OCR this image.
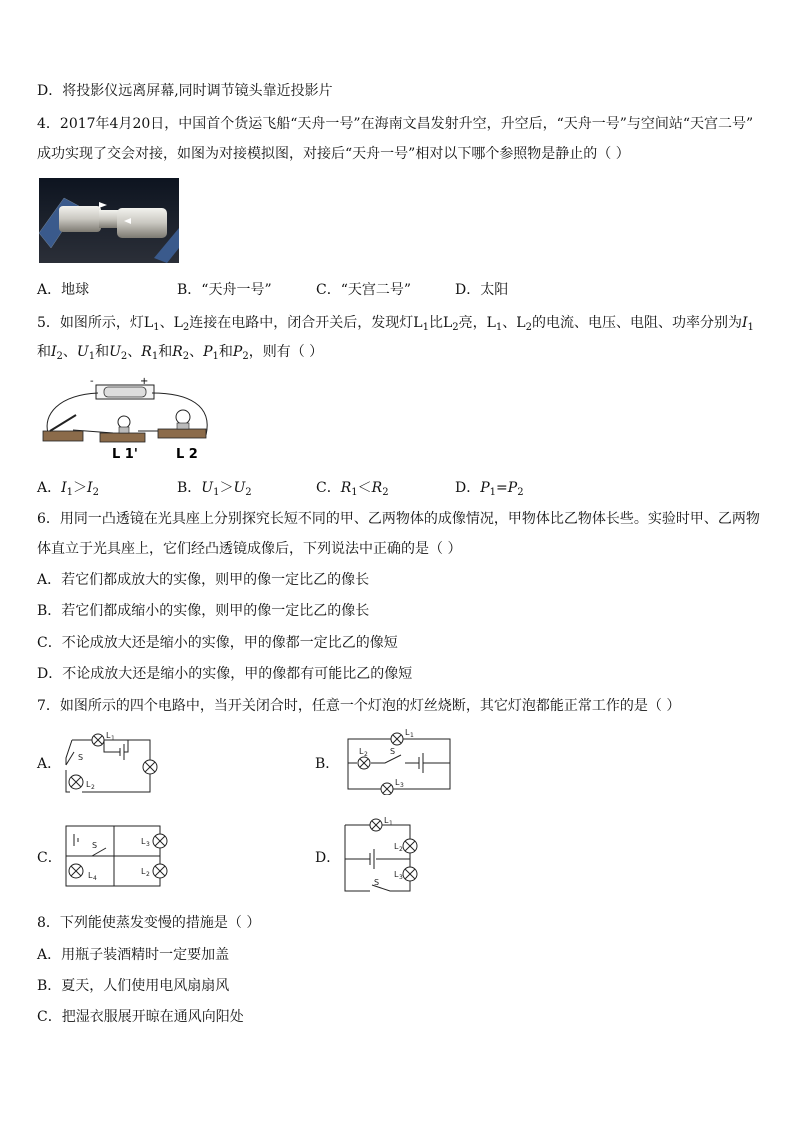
D．将投影仪远离屏幕,同时调节镜头靠近投影片
4．2017年4月20日，中国首个货运飞船“天舟一号”在海南文昌发射升空，升空后，“天舟一号”与空间站“天宫二号”
成功实现了交会对接，如图为对接模拟图，对接后“天舟一号”相对以下哪个参照物是静止的（ ）
A．地球	B．“天舟一号”	C．“天宫二号”	D．太阳
5．如图所示，灯$L_1$、$L_2$连接在电路中，闭合开关后，发现灯$L_1$比$L_2$亮，$L_1$、$L_2$的电流、电压、电阻、功率分别为$I_1$
和$I_2$、$U_1$和$U_2$、$R_1$和$R_2$、$P_1$和$P_2$，则有（ ）
-	+
L 1'	L 2
A．$I_1>I_2$	B．$U_1>U_2$	C．$R_1<R_2$	D．$P_1=P_2$
6．用同一凸透镜在光具座上分别探究长短不同的甲、乙两物体的成像情况，甲物体比乙物体长些。实验时甲、乙两物
体直立于光具座上，它们经凸透镜成像后，下列说法中正确的是（ ）
A．若它们都成放大的实像，则甲的像一定比乙的像长
B．若它们都成缩小的实像，则甲的像一定比乙的像长
C．不论成放大还是缩小的实像，甲的像都一定比乙的像短
D．不论成放大还是缩小的实像，甲的像都有可能比乙的像短
7．如图所示的四个电路中，当开关闭合时，任意一个灯泡的灯丝烧断，其它灯泡都能正常工作的是（ ）
A．
L 1
S
L 2
B．
L 1
L 2	S
L 3
C．
S	L 3
L 2
L 4
D．
L 1
L 2
L 3
S
8．下列能使蒸发变慢的措施是（ ）
A．用瓶子装酒精时一定要加盖
B．夏天，人们使用电风扇扇风
C．把湿衣服展开晾在通风向阳处
